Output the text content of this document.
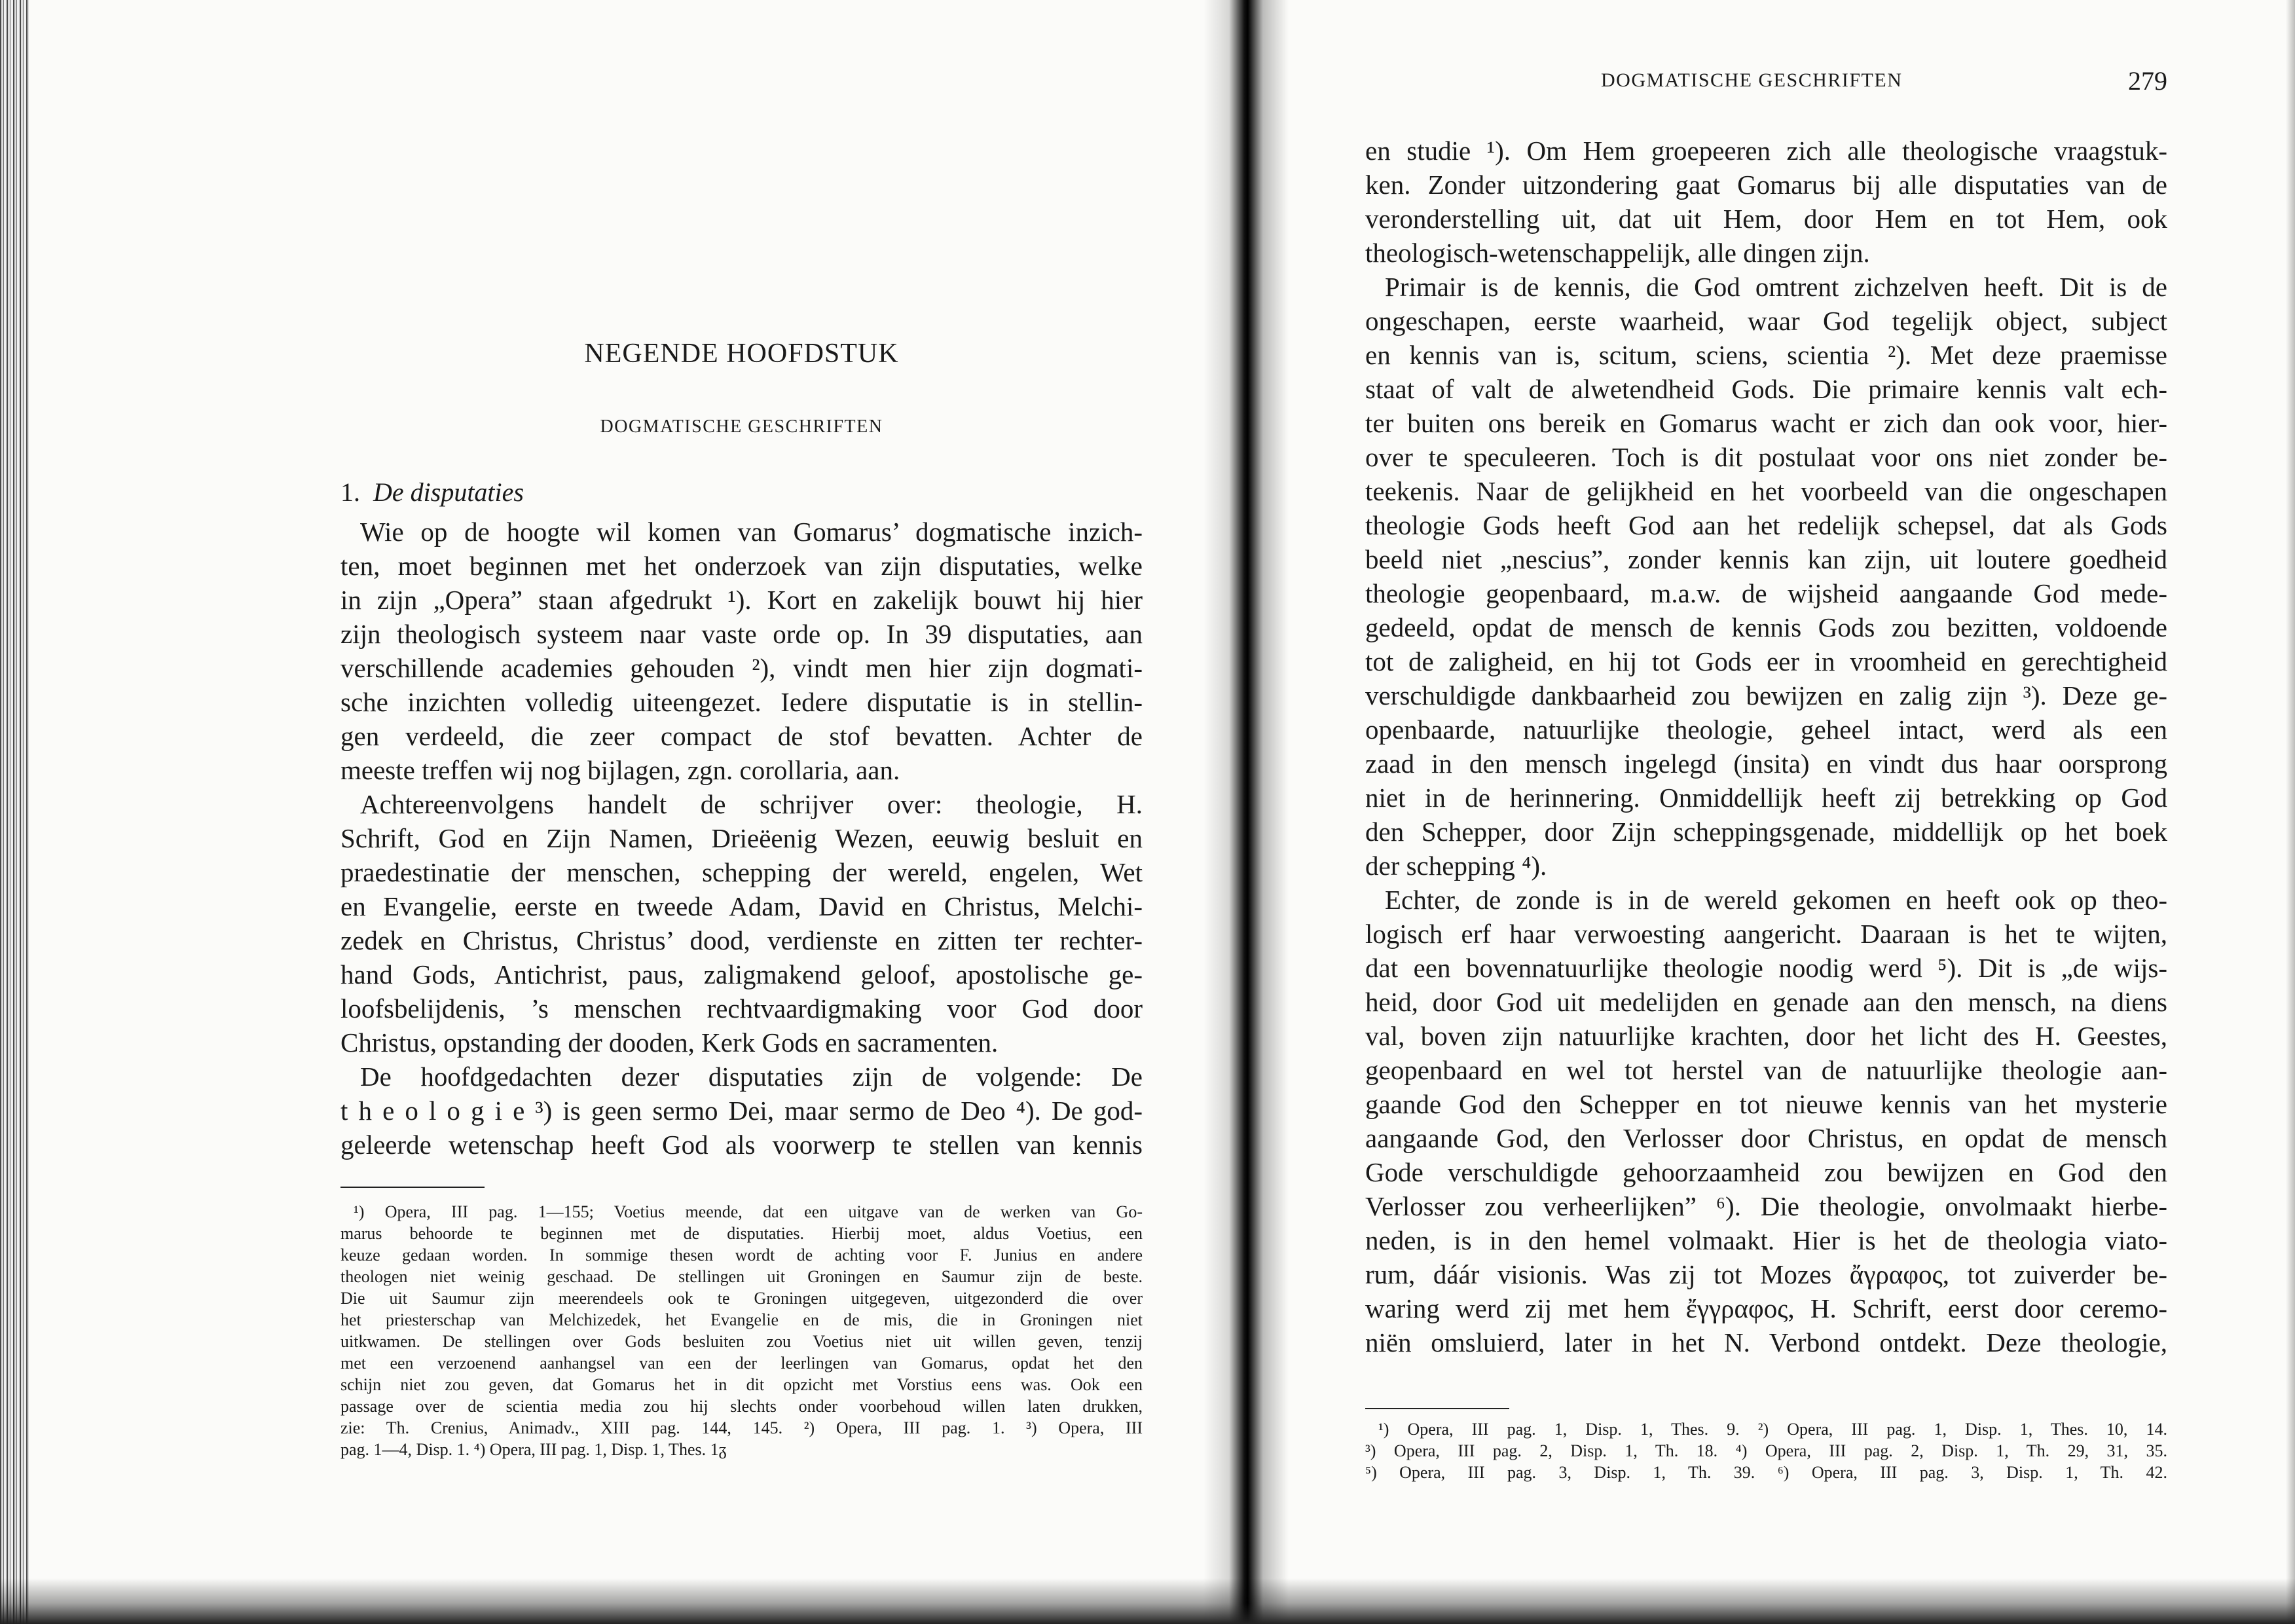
NEGENDE HOOFDSTUK
DOGMATISCHE GESCHRIFTEN
1. De disputaties
Wie op de hoogte wil komen van Gomarus’ dogmatische inzich-
ten, moet beginnen met het onderzoek van zijn disputaties, welke
in zijn „Opera” staan afgedrukt ¹). Kort en zakelijk bouwt hij hier
zijn theologisch systeem naar vaste orde op. In 39 disputaties, aan
verschillende academies gehouden ²), vindt men hier zijn dogmati-
sche inzichten volledig uiteengezet. Iedere disputatie is in stellin-
gen verdeeld, die zeer compact de stof bevatten. Achter de
meeste treffen wij nog bijlagen, zgn. corollaria, aan.
Achtereenvolgens handelt de schrijver over: theologie, H.
Schrift, God en Zijn Namen, Drieëenig Wezen, eeuwig besluit en
praedestinatie der menschen, schepping der wereld, engelen, Wet
en Evangelie, eerste en tweede Adam, David en Christus, Melchi-
zedek en Christus, Christus’ dood, verdienste en zitten ter rechter-
hand Gods, Antichrist, paus, zaligmakend geloof, apostolische ge-
loofsbelijdenis, ’s menschen rechtvaardigmaking voor God door
Christus, opstanding der dooden, Kerk Gods en sacramenten.
De hoofdgedachten dezer disputaties zijn de volgende: De
t h e o l o g i e ³) is geen sermo Dei, maar sermo de Deo ⁴). De god-
geleerde wetenschap heeft God als voorwerp te stellen van kennis
¹) Opera, III pag. 1—155; Voetius meende, dat een uitgave van de werken van Go-
marus behoorde te beginnen met de disputaties. Hierbij moet, aldus Voetius, een
keuze gedaan worden. In sommige thesen wordt de achting voor F. Junius en andere
theologen niet weinig geschaad. De stellingen uit Groningen en Saumur zijn de beste.
Die uit Saumur zijn meerendeels ook te Groningen uitgegeven, uitgezonderd die over
het priesterschap van Melchizedek, het Evangelie en de mis, die in Groningen niet
uitkwamen. De stellingen over Gods besluiten zou Voetius niet uit willen geven, tenzij
met een verzoenend aanhangsel van een der leerlingen van Gomarus, opdat het den
schijn niet zou geven, dat Gomarus het in dit opzicht met Vorstius eens was. Ook een
passage over de scientia media zou hij slechts onder voorbehoud willen laten drukken,
zie: Th. Crenius, Animadv., XIII pag. 144, 145. ²) Opera, III pag. 1. ³) Opera, III
pag. 1—4, Disp. 1. ⁴) Opera, III pag. 1, Disp. 1, Thes. 1ᵹ
DOGMATISCHE GESCHRIFTEN	279
en studie ¹). Om Hem groepeeren zich alle theologische vraagstuk-
ken. Zonder uitzondering gaat Gomarus bij alle disputaties van de
veronderstelling uit, dat uit Hem, door Hem en tot Hem, ook
theologisch-wetenschappelijk, alle dingen zijn.
Primair is de kennis, die God omtrent zichzelven heeft. Dit is de
ongeschapen, eerste waarheid, waar God tegelijk object, subject
en kennis van is, scitum, sciens, scientia ²). Met deze praemisse
staat of valt de alwetendheid Gods. Die primaire kennis valt ech-
ter buiten ons bereik en Gomarus wacht er zich dan ook voor, hier-
over te speculeeren. Toch is dit postulaat voor ons niet zonder be-
teekenis. Naar de gelijkheid en het voorbeeld van die ongeschapen
theologie Gods heeft God aan het redelijk schepsel, dat als Gods
beeld niet „nescius”, zonder kennis kan zijn, uit loutere goedheid
theologie geopenbaard, m.a.w. de wijsheid aangaande God mede-
gedeeld, opdat de mensch de kennis Gods zou bezitten, voldoende
tot de zaligheid, en hij tot Gods eer in vroomheid en gerechtigheid
verschuldigde dankbaarheid zou bewijzen en zalig zijn ³). Deze ge-
openbaarde, natuurlijke theologie, geheel intact, werd als een
zaad in den mensch ingelegd (insita) en vindt dus haar oorsprong
niet in de herinnering. Onmiddellijk heeft zij betrekking op God
den Schepper, door Zijn scheppingsgenade, middellijk op het boek
der schepping ⁴).
Echter, de zonde is in de wereld gekomen en heeft ook op theo-
logisch erf haar verwoesting aangericht. Daaraan is het te wijten,
dat een bovennatuurlijke theologie noodig werd ⁵). Dit is „de wijs-
heid, door God uit medelijden en genade aan den mensch, na diens
val, boven zijn natuurlijke krachten, door het licht des H. Geestes,
geopenbaard en wel tot herstel van de natuurlijke theologie aan-
gaande God den Schepper en tot nieuwe kennis van het mysterie
aangaande God, den Verlosser door Christus, en opdat de mensch
Gode verschuldigde gehoorzaamheid zou bewijzen en God den
Verlosser zou verheerlijken” ⁶). Die theologie, onvolmaakt hierbe-
neden, is in den hemel volmaakt. Hier is het de theologia viato-
rum, dáár visionis. Was zij tot Mozes ἄγραφος, tot zuiverder be-
waring werd zij met hem ἔγγραφος, H. Schrift, eerst door ceremo-
niën omsluierd, later in het N. Verbond ontdekt. Deze theologie,
¹) Opera, III pag. 1, Disp. 1, Thes. 9. ²) Opera, III pag. 1, Disp. 1, Thes. 10, 14.
³) Opera, III pag. 2, Disp. 1, Th. 18. ⁴) Opera, III pag. 2, Disp. 1, Th. 29, 31, 35.
⁵) Opera, III pag. 3, Disp. 1, Th. 39. ⁶) Opera, III pag. 3, Disp. 1, Th. 42.
